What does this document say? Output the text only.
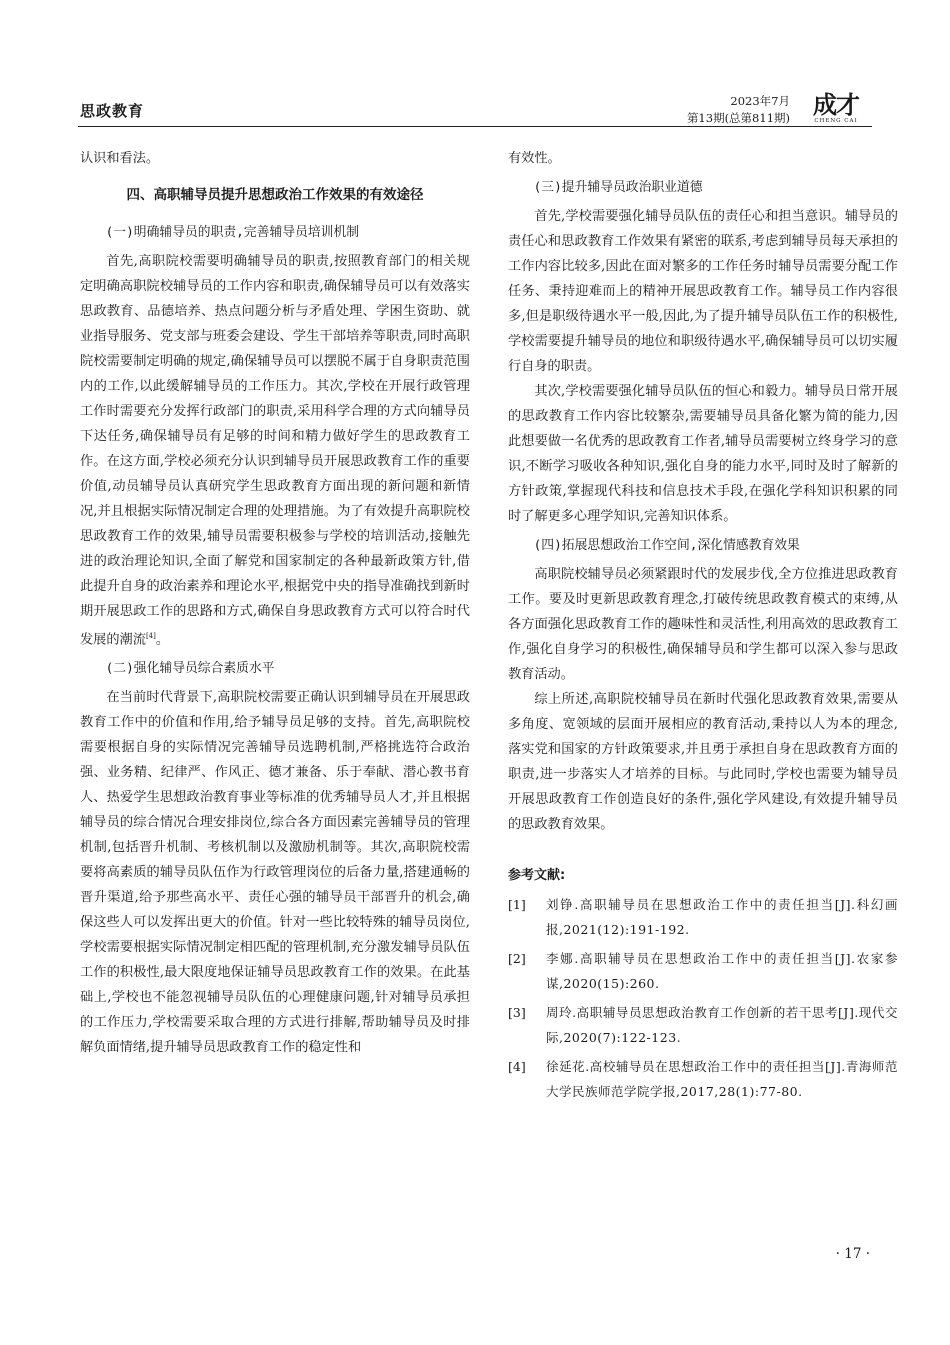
思政教育
2023年7月
第13期(总第811期) 成才
CHENG CAI

认识和看法。

四、高职辅导员提升思想政治工作效果的有效途径
(一)明确辅导员的职责,完善辅导员培训机制

首先,高职院校需要明确辅导员的职责,按照教育部门的相关规定明确高职院校辅导员的工作内容和职责,确保辅导员可以有效落实思政教育、品德培养、热点问题分析与矛盾处理、学困生资助、就业指导服务、党支部与班委会建设、学生干部培养等职责,同时高职院校需要制定明确的规定,确保辅导员可以摆脱不属于自身职责范围内的工作,以此缓解辅导员的工作压力。其次,学校在开展行政管理工作时需要充分发挥行政部门的职责,采用科学合理的方式向辅导员下达任务,确保辅导员有足够的时间和精力做好学生的思政教育工作。在这方面,学校必须充分认识到辅导员开展思政教育工作的重要价值,动员辅导员认真研究学生思政教育方面出现的新问题和新情况,并且根据实际情况制定合理的处理措施。为了有效提升高职院校思政教育工作的效果,辅导员需要积极参与学校的培训活动,接触先进的政治理论知识,全面了解党和国家制定的各种最新政策方针,借此提升自身的政治素养和理论水平,根据党中央的指导准确找到新时期开展思政工作的思路和方式,确保自身思政教育方式可以符合时代发展的潮流[4]。

(二)强化辅导员综合素质水平

在当前时代背景下,高职院校需要正确认识到辅导员在开展思政教育工作中的价值和作用,给予辅导员足够的支持。首先,高职院校需要根据自身的实际情况完善辅导员选聘机制,严格挑选符合政治强、业务精、纪律严、作风正、德才兼备、乐于奉献、潜心教书育人、热爱学生思想政治教育事业等标准的优秀辅导员人才,并且根据辅导员的综合情况合理安排岗位,综合各方面因素完善辅导员的管理机制,包括晋升机制、考核机制以及激励机制等。其次,高职院校需要将高素质的辅导员队伍作为行政管理岗位的后备力量,搭建通畅的晋升渠道,给予那些高水平、责任心强的辅导员干部晋升的机会,确保这些人可以发挥出更大的价值。针对一些比较特殊的辅导员岗位,学校需要根据实际情况制定相匹配的管理机制,充分激发辅导员队伍工作的积极性,最大限度地保证辅导员思政教育工作的效果。在此基础上,学校也不能忽视辅导员队伍的心理健康问题,针对辅导员承担的工作压力,学校需要采取合理的方式进行排解,帮助辅导员及时排解负面情绪,提升辅导员思政教育工作的稳定性和

有效性。

(三)提升辅导员政治职业道德

首先,学校需要强化辅导员队伍的责任心和担当意识。辅导员的责任心和思政教育工作效果有紧密的联系,考虑到辅导员每天承担的工作内容比较多,因此在面对繁多的工作任务时辅导员需要分配工作任务、秉持迎难而上的精神开展思政教育工作。辅导员工作内容很多,但是职级待遇水平一般,因此,为了提升辅导员队伍工作的积极性,学校需要提升辅导员的地位和职级待遇水平,确保辅导员可以切实履行自身的职责。

其次,学校需要强化辅导员队伍的恒心和毅力。辅导员日常开展的思政教育工作内容比较繁杂,需要辅导员具备化繁为简的能力,因此想要做一名优秀的思政教育工作者,辅导员需要树立终身学习的意识,不断学习吸收各种知识,强化自身的能力水平,同时及时了解新的方针政策,掌握现代科技和信息技术手段,在强化学科知识积累的同时了解更多心理学知识,完善知识体系。

(四)拓展思想政治工作空间,深化情感教育效果

高职院校辅导员必须紧跟时代的发展步伐,全方位推进思政教育工作。要及时更新思政教育理念,打破传统思政教育模式的束缚,从各方面强化思政教育工作的趣味性和灵活性,利用高效的思政教育工作,强化自身学习的积极性,确保辅导员和学生都可以深入参与思政教育活动。

综上所述,高职院校辅导员在新时代强化思政教育效果,需要从多角度、宽领域的层面开展相应的教育活动,秉持以人为本的理念,落实党和国家的方针政策要求,并且勇于承担自身在思政教育方面的职责,进一步落实人才培养的目标。与此同时,学校也需要为辅导员开展思政教育工作创造良好的条件,强化学风建设,有效提升辅导员的思政教育效果。

参考文献:
[1]	刘铮.高职辅导员在思想政治工作中的责任担当[J].科幻画报,2021(12):191-192.
[2]	李娜.高职辅导员在思想政治工作中的责任担当[J].农家参谋,2020(15):260.
[3]	周玲.高职辅导员思想政治教育工作创新的若干思考[J].现代交际,2020(7):122-123.
[4]	徐延花.高校辅导员在思想政治工作中的责任担当[J].青海师范大学民族师范学院学报,2017,28(1):77-80.
· 17 ·
